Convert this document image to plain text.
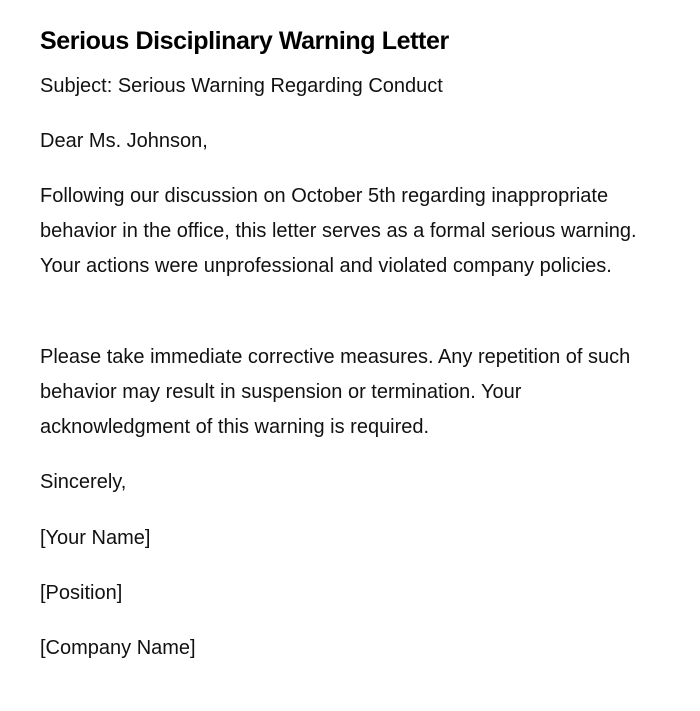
Serious Disciplinary Warning Letter

Subject: Serious Warning Regarding Conduct

Dear Ms. Johnson,

Following our discussion on October 5th regarding inappropriate behavior in the office, this letter serves as a formal serious warning. Your actions were unprofessional and violated company policies.

Please take immediate corrective measures. Any repetition of such behavior may result in suspension or termination. Your acknowledgment of this warning is required.

Sincerely,

[Your Name]

[Position]

[Company Name]
